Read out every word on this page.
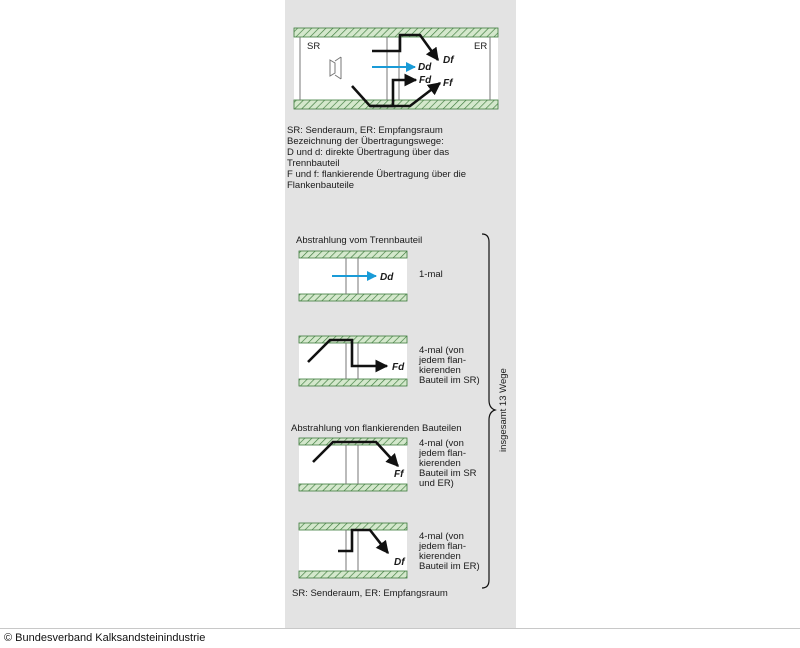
SR	ER
Df
Dd
Fd Ff
Dd
Fd
Ff
Df
insgesamt 13 Wege
SR: Senderaum, ER: Empfangsraum
Bezeichnung der Übertragungswege:
D und d: direkte Übertragung über das
Trennbauteil
F und f: flankierende Übertragung über die
Flankenbauteile
Abstrahlung vom Trennbauteil
Abstrahlung von flankierenden Bauteilen
1-mal
4-mal (von
jedem flan-
kierenden
Bauteil im SR)
4-mal (von
jedem flan-
kierenden
Bauteil im SR
und ER)
4-mal (von
jedem flan-
kierenden
Bauteil im ER)
SR: Senderaum, ER: Empfangsraum
© Bundesverband Kalksandsteinindustrie
